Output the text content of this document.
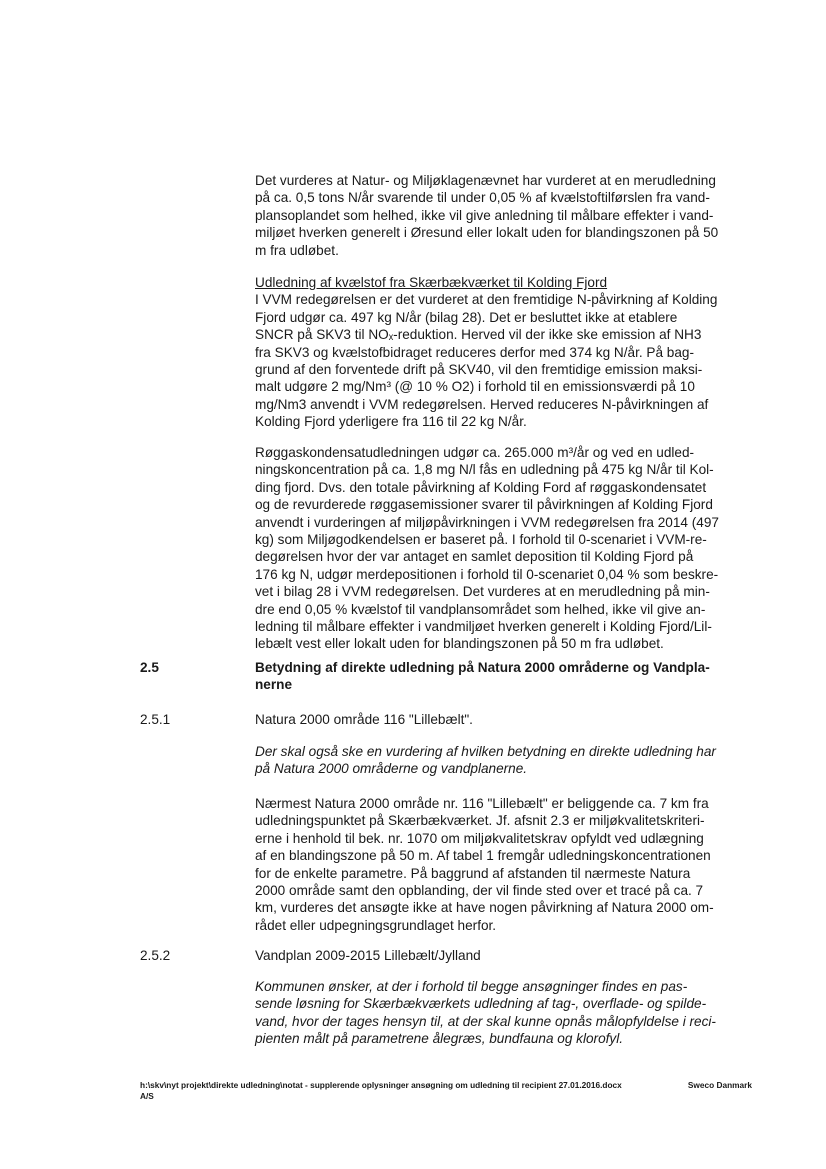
Det vurderes at Natur- og Miljøklagenævnet har vurderet at en merudledning
på ca. 0,5 tons N/år svarende til under 0,05 % af kvælstoftilførslen fra vand-
plansoplandet som helhed, ikke vil give anledning til målbare effekter i vand-
miljøet hverken generelt i Øresund eller lokalt uden for blandingszonen på 50
m fra udløbet.
Udledning af kvælstof fra Skærbækværket til Kolding Fjord
I VVM redegørelsen er det vurderet at den fremtidige N-påvirkning af Kolding
Fjord udgør ca. 497 kg N/år (bilag 28). Det er besluttet ikke at etablere
SNCR på SKV3 til NOₓ-reduktion. Herved vil der ikke ske emission af NH3
fra SKV3 og kvælstofbidraget reduceres derfor med 374 kg N/år. På bag-
grund af den forventede drift på SKV40, vil den fremtidige emission maksi-
malt udgøre 2 mg/Nm³ (@ 10 % O2) i forhold til en emissionsværdi på 10
mg/Nm3 anvendt i VVM redegørelsen. Herved reduceres N-påvirkningen af
Kolding Fjord yderligere fra 116 til 22 kg N/år.
Røggaskondensatudledningen udgør ca. 265.000 m³/år og ved en udled-
ningskoncentration på ca. 1,8 mg N/l fås en udledning på 475 kg N/år til Kol-
ding fjord. Dvs. den totale påvirkning af Kolding Ford af røggaskondensatet
og de revurderede røggasemissioner svarer til påvirkningen af Kolding Fjord
anvendt i vurderingen af miljøpåvirkningen i VVM redegørelsen fra 2014 (497
kg) som Miljøgodkendelsen er baseret på. I forhold til 0-scenariet i VVM-re-
degørelsen hvor der var antaget en samlet deposition til Kolding Fjord på
176 kg N, udgør merdepositionen i forhold til 0-scenariet 0,04 % som beskre-
vet i bilag 28 i VVM redegørelsen. Det vurderes at en merudledning på min-
dre end 0,05 % kvælstof til vandplansområdet som helhed, ikke vil give an-
ledning til målbare effekter i vandmiljøet hverken generelt i Kolding Fjord/Lil-
lebælt vest eller lokalt uden for blandingszonen på 50 m fra udløbet.
2.5	Betydning af direkte udledning på Natura 2000 områderne og Vandpla-
nerne
2.5.1	Natura 2000 område 116 "Lillebælt".
Der skal også ske en vurdering af hvilken betydning en direkte udledning har
på Natura 2000 områderne og vandplanerne.
Nærmest Natura 2000 område nr. 116 "Lillebælt" er beliggende ca. 7 km fra
udledningspunktet på Skærbækværket. Jf. afsnit 2.3 er miljøkvalitetskriteri-
erne i henhold til bek. nr. 1070 om miljøkvalitetskrav opfyldt ved udlægning
af en blandingszone på 50 m. Af tabel 1 fremgår udledningskoncentrationen
for de enkelte parametre. På baggrund af afstanden til nærmeste Natura
2000 område samt den opblanding, der vil finde sted over et tracé på ca. 7
km, vurderes det ansøgte ikke at have nogen påvirkning af Natura 2000 om-
rådet eller udpegningsgrundlaget herfor.
2.5.2	Vandplan 2009-2015 Lillebælt/Jylland
Kommunen ønsker, at der i forhold til begge ansøgninger findes en pas-
sende løsning for Skærbækværkets udledning af tag-, overflade- og spilde-
vand, hvor der tages hensyn til, at der skal kunne opnås målopfyldelse i reci-
pienten målt på parametrene ålegræs, bundfauna og klorofyl.
h:\skv\nyt projekt\direkte udledning\notat - supplerende oplysninger ansøgning om udledning til recipient 27.01.2016.docx
A/S
Sweco Danmark
